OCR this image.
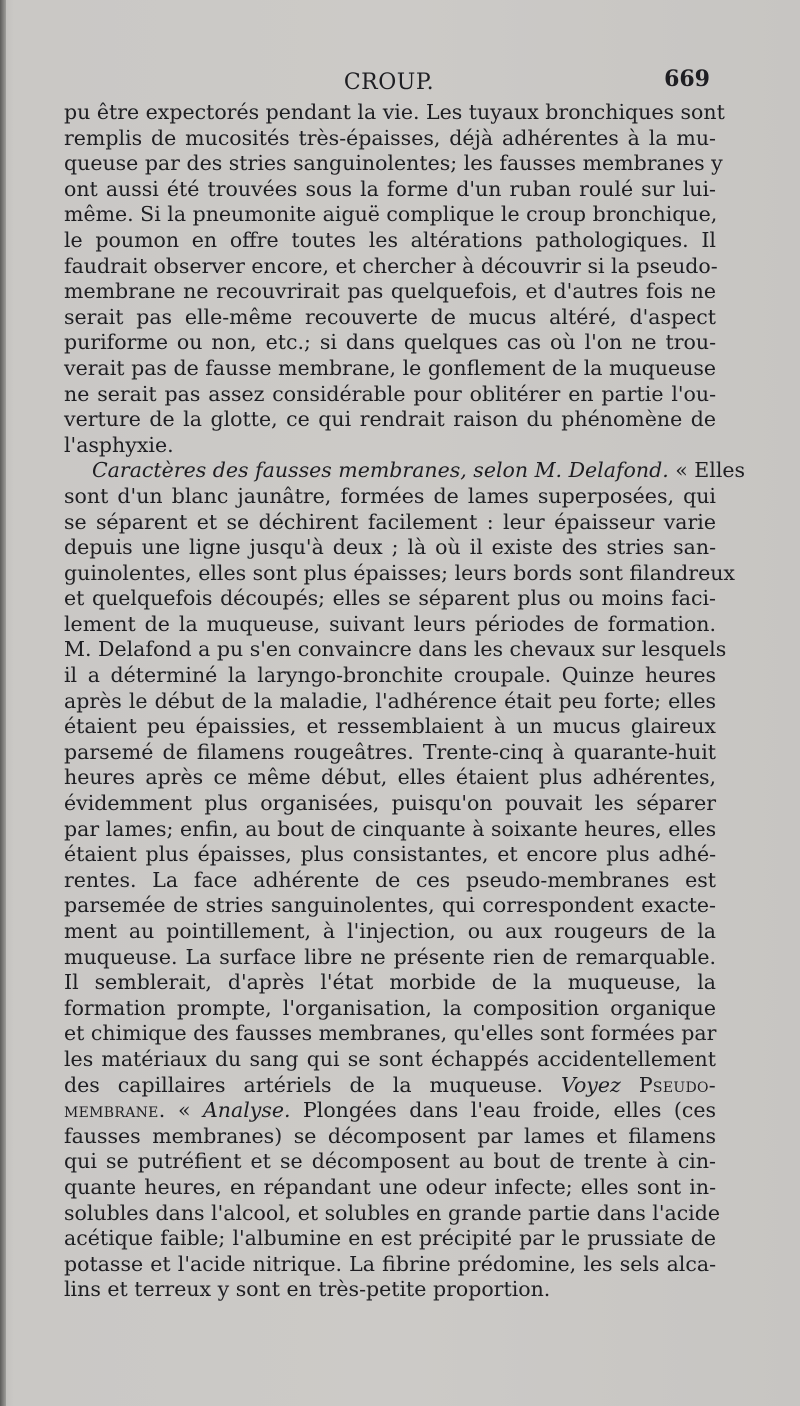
CROUP.	669
pu être expectorés pendant la vie. Les tuyaux bronchiques sont
remplis de mucosités très-épaisses, déjà adhérentes à la mu-
queuse par des stries sanguinolentes; les fausses membranes y
ont aussi été trouvées sous la forme d'un ruban roulé sur lui-
même. Si la pneumonite aiguë complique le croup bronchique,
le poumon en offre toutes les altérations pathologiques. Il
faudrait observer encore, et chercher à découvrir si la pseudo-
membrane ne recouvrirait pas quelquefois, et d'autres fois ne
serait pas elle-même recouverte de mucus altéré, d'aspect
puriforme ou non, etc.; si dans quelques cas où l'on ne trou-
verait pas de fausse membrane, le gonflement de la muqueuse
ne serait pas assez considérable pour oblitérer en partie l'ou-
verture de la glotte, ce qui rendrait raison du phénomène de
l'asphyxie.
Caractères des fausses membranes, selon M. Delafond. « Elles
sont d'un blanc jaunâtre, formées de lames superposées, qui
se séparent et se déchirent facilement : leur épaisseur varie
depuis une ligne jusqu'à deux ; là où il existe des stries san-
guinolentes, elles sont plus épaisses; leurs bords sont filandreux
et quelquefois découpés; elles se séparent plus ou moins faci-
lement de la muqueuse, suivant leurs périodes de formation.
M. Delafond a pu s'en convaincre dans les chevaux sur lesquels
il a déterminé la laryngo-bronchite croupale. Quinze heures
après le début de la maladie, l'adhérence était peu forte; elles
étaient peu épaissies, et ressemblaient à un mucus glaireux
parsemé de filamens rougeâtres. Trente-cinq à quarante-huit
heures après ce même début, elles étaient plus adhérentes,
évidemment plus organisées, puisqu'on pouvait les séparer
par lames; enfin, au bout de cinquante à soixante heures, elles
étaient plus épaisses, plus consistantes, et encore plus adhé-
rentes. La face adhérente de ces pseudo-membranes est
parsemée de stries sanguinolentes, qui correspondent exacte-
ment au pointillement, à l'injection, ou aux rougeurs de la
muqueuse. La surface libre ne présente rien de remarquable.
Il semblerait, d'après l'état morbide de la muqueuse, la
formation prompte, l'organisation, la composition organique
et chimique des fausses membranes, qu'elles sont formées par
les matériaux du sang qui se sont échappés accidentellement
des capillaires artériels de la muqueuse. Voyez Pseudo-
membrane. « Analyse. Plongées dans l'eau froide, elles (ces
fausses membranes) se décomposent par lames et filamens
qui se putréfient et se décomposent au bout de trente à cin-
quante heures, en répandant une odeur infecte; elles sont in-
solubles dans l'alcool, et solubles en grande partie dans l'acide
acétique faible; l'albumine en est précipité par le prussiate de
potasse et l'acide nitrique. La fibrine prédomine, les sels alca-
lins et terreux y sont en très-petite proportion.
